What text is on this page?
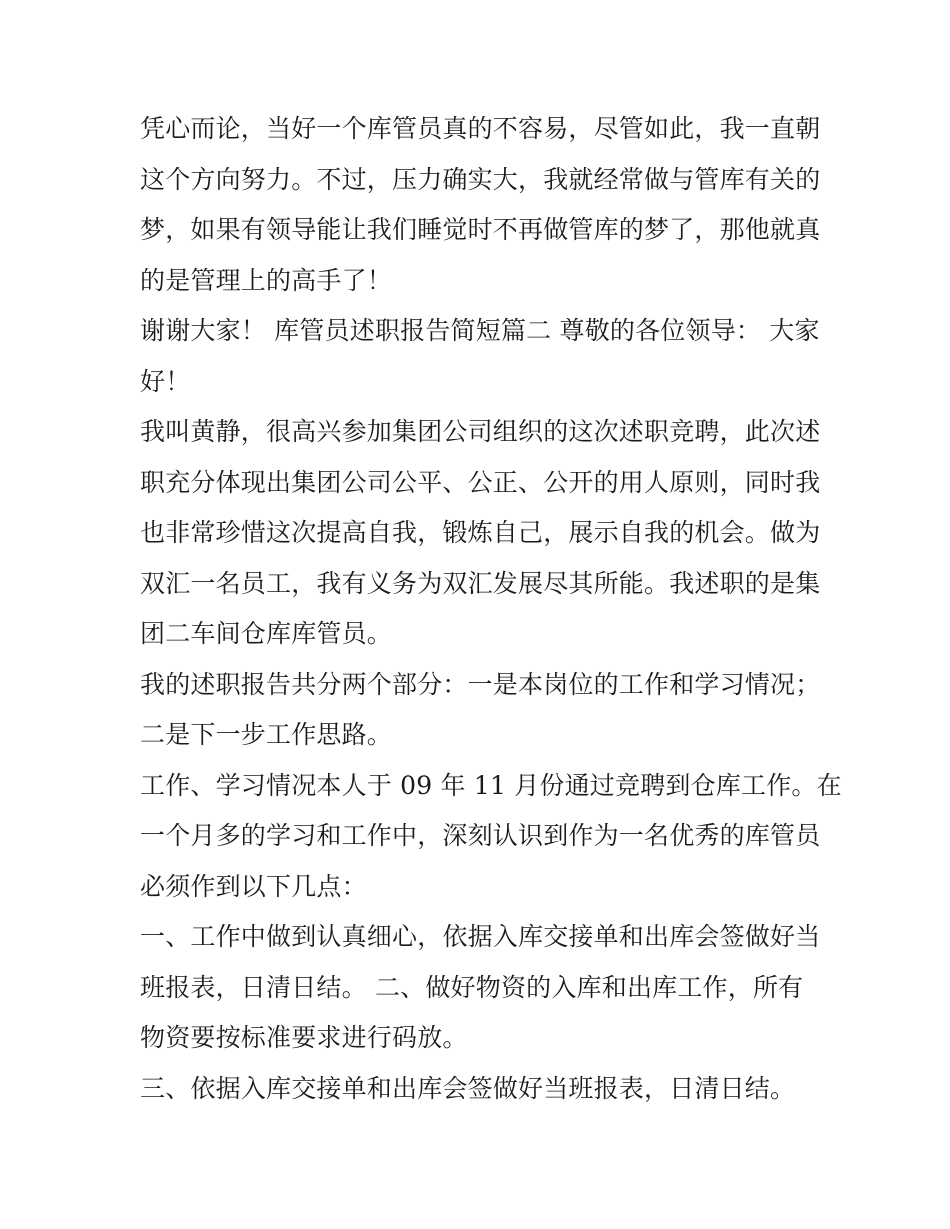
凭心而论，当好一个库管员真的不容易，尽管如此，我一直朝
这个方向努力。不过，压力确实大，我就经常做与管库有关的
梦，如果有领导能让我们睡觉时不再做管库的梦了，那他就真
的是管理上的高手了！
谢谢大家！ 库管员述职报告简短篇二 尊敬的各位领导： 大家
好！
我叫黄静，很高兴参加集团公司组织的这次述职竞聘，此次述
职充分体现出集团公司公平、公正、公开的用人原则，同时我
也非常珍惜这次提高自我，锻炼自己，展示自我的机会。做为
双汇一名员工，我有义务为双汇发展尽其所能。我述职的是集
团二车间仓库库管员。
我的述职报告共分两个部分：一是本岗位的工作和学习情况；
二是下一步工作思路。
工作、学习情况本人于 09 年 11 月份通过竞聘到仓库工作。在
一个月多的学习和工作中，深刻认识到作为一名优秀的库管员
必须作到以下几点：
一、工作中做到认真细心，依据入库交接单和出库会签做好当
班报表，日清日结。 二、做好物资的入库和出库工作，所有
物资要按标准要求进行码放。
三、依据入库交接单和出库会签做好当班报表，日清日结。
